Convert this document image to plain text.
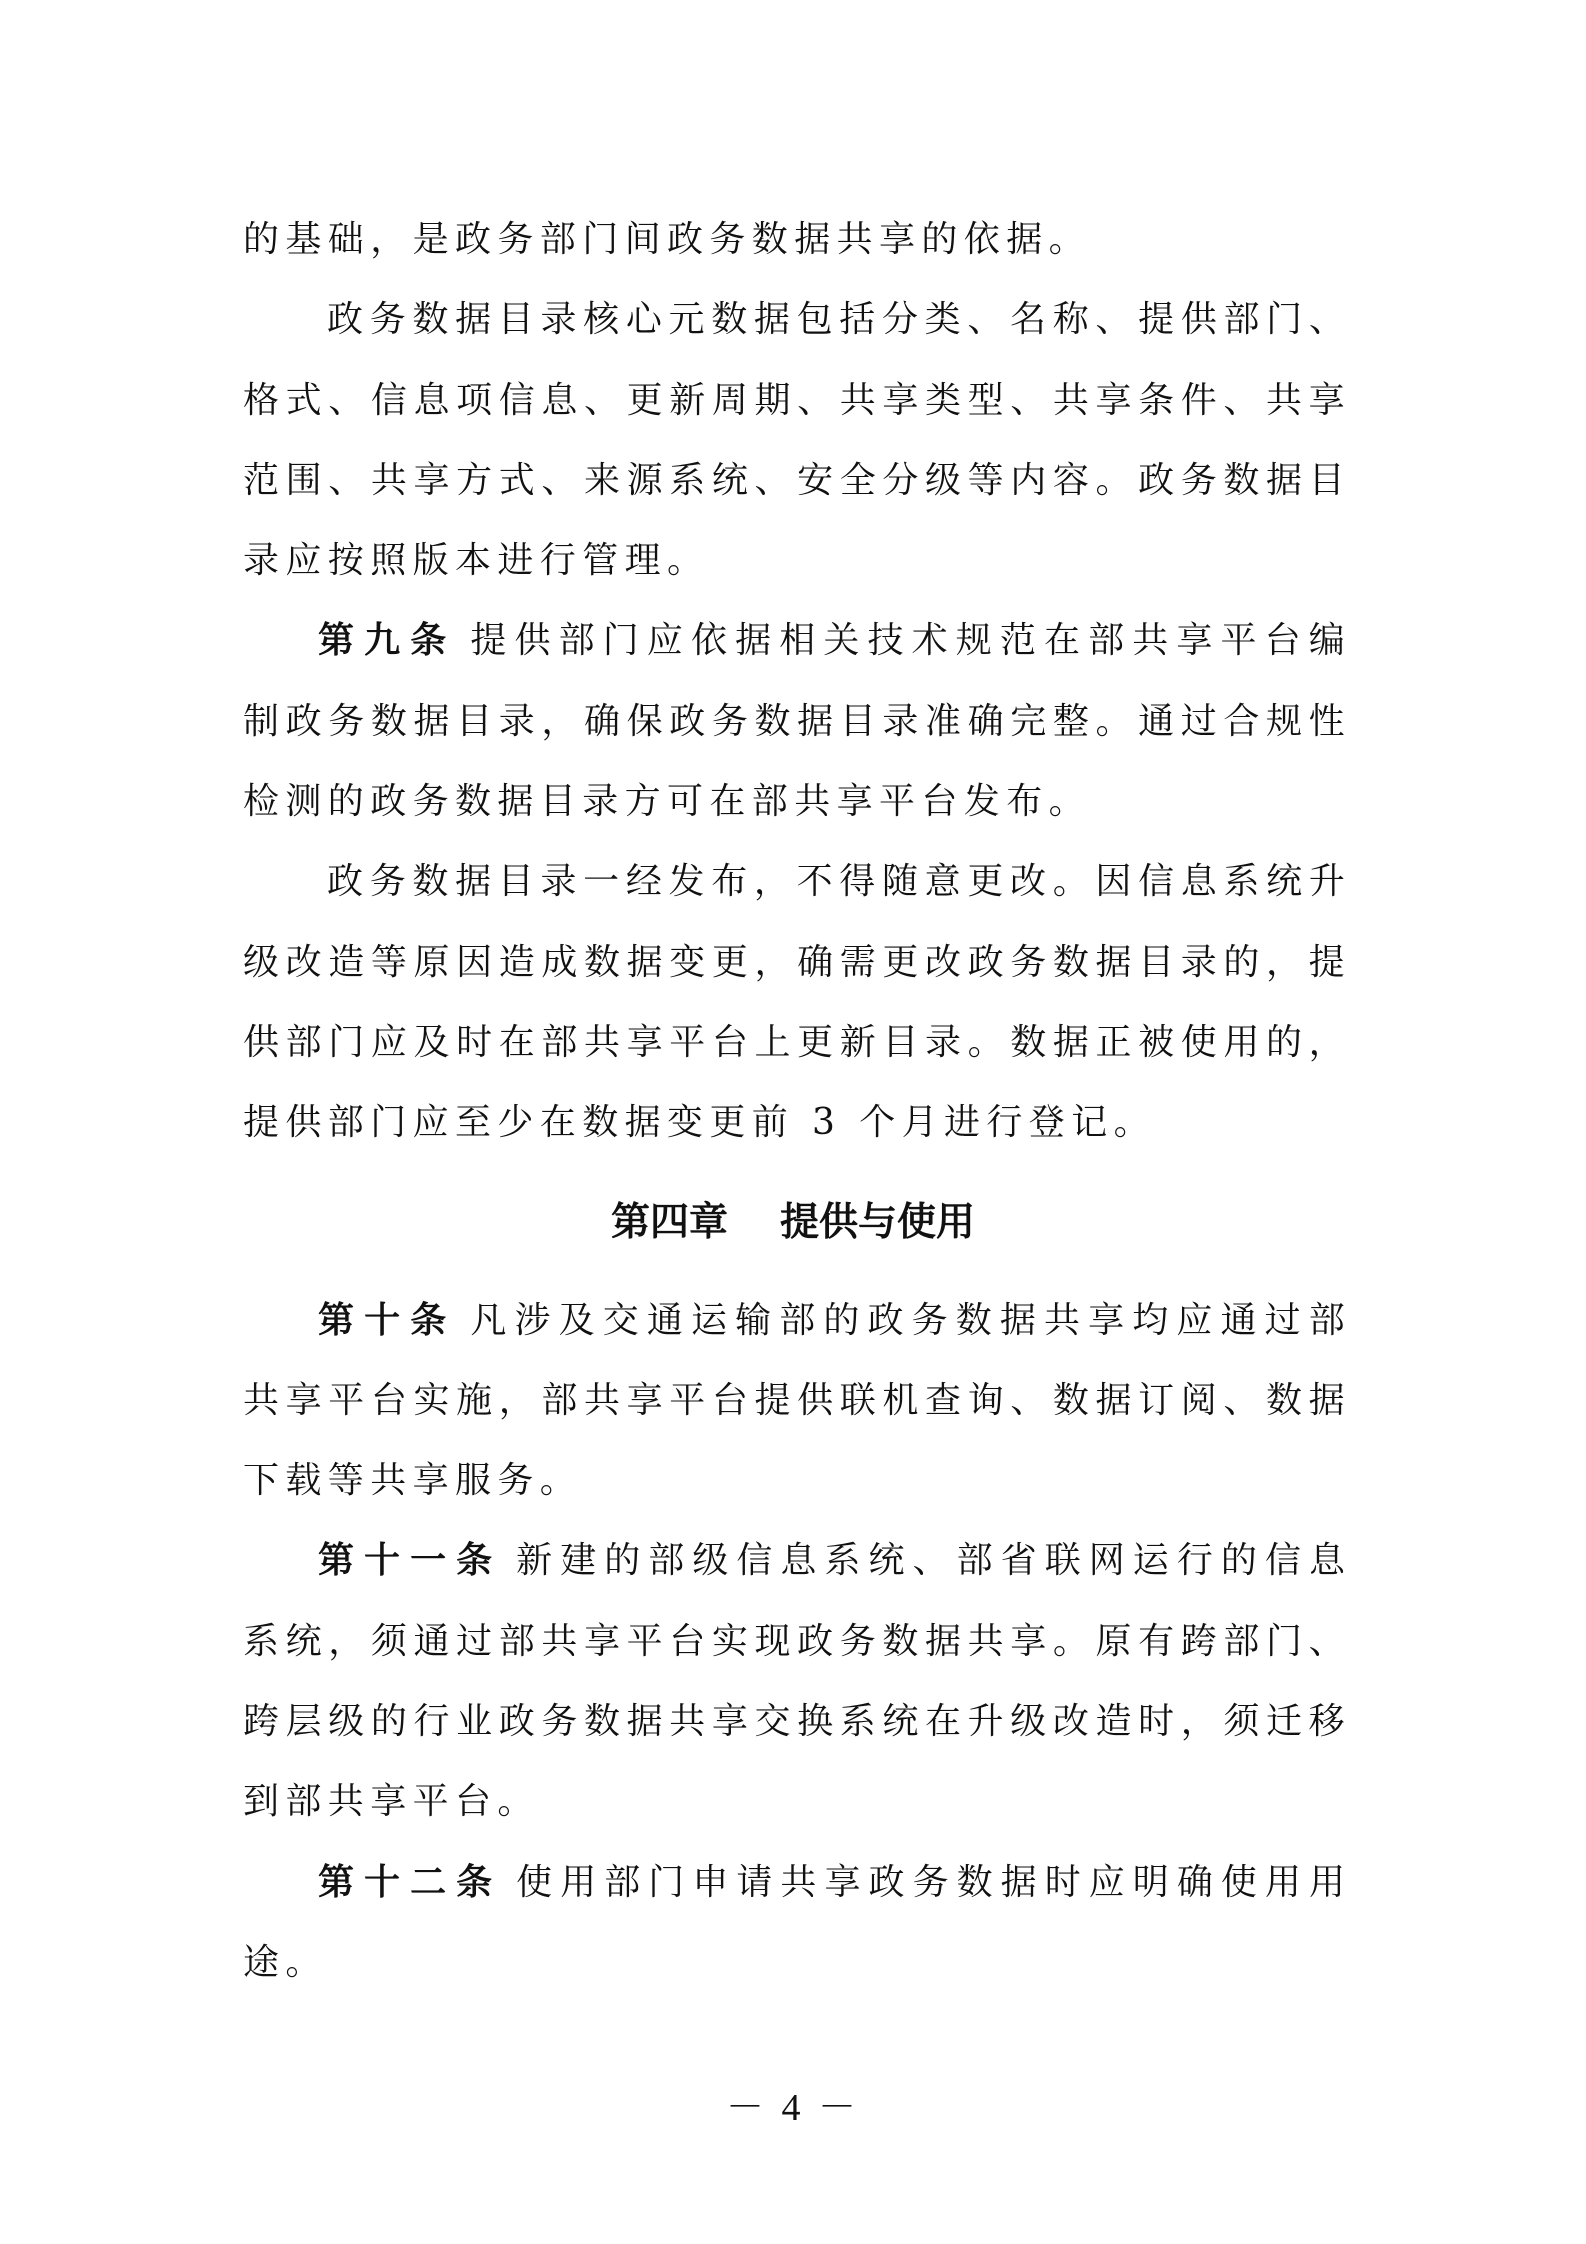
的基础，是政务部门间政务数据共享的依据。
政务数据目录核心元数据包括分类、名称、提供部门、
格式、信息项信息、更新周期、共享类型、共享条件、共享
范围、共享方式、来源系统、安全分级等内容。政务数据目
录应按照版本进行管理。
第九条 提供部门应依据相关技术规范在部共享平台编
制政务数据目录，确保政务数据目录准确完整。通过合规性
检测的政务数据目录方可在部共享平台发布。
政务数据目录一经发布，不得随意更改。因信息系统升
级改造等原因造成数据变更，确需更改政务数据目录的，提
供部门应及时在部共享平台上更新目录。数据正被使用的，
提供部门应至少在数据变更前 3 个月进行登记。
第四章 提供与使用
第十条 凡涉及交通运输部的政务数据共享均应通过部
共享平台实施，部共享平台提供联机查询、数据订阅、数据
下载等共享服务。
第十一条 新建的部级信息系统、部省联网运行的信息
系统，须通过部共享平台实现政务数据共享。原有跨部门、
跨层级的行业政务数据共享交换系统在升级改造时，须迁移
到部共享平台。
第十二条 使用部门申请共享政务数据时应明确使用用
途。
－ 4 －
